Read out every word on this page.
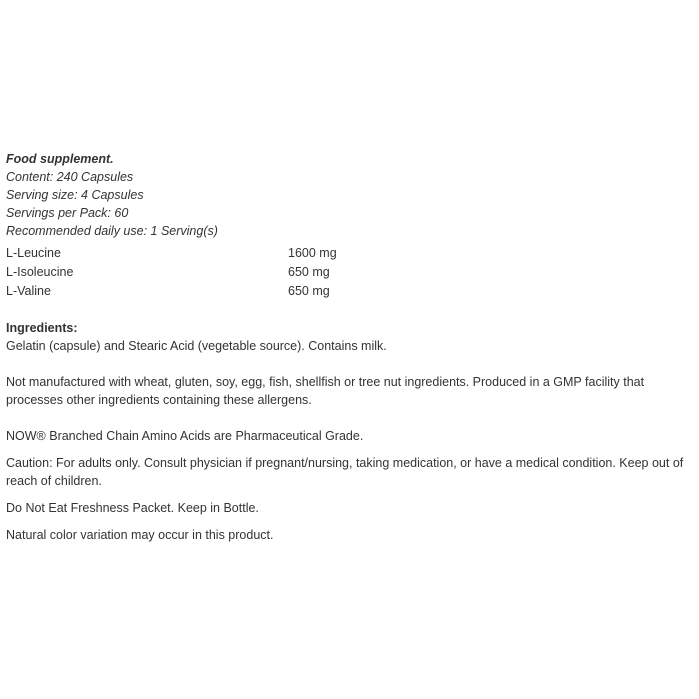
Food supplement.
Content: 240 Capsules
Serving size: 4 Capsules
Servings per Pack: 60
Recommended daily use: 1 Serving(s)
L-Leucine	1600 mg
L-Isoleucine	650 mg
L-Valine	650 mg
Ingredients:
Gelatin (capsule) and Stearic Acid (vegetable source). Contains milk.
Not manufactured with wheat, gluten, soy, egg, fish, shellfish or tree nut ingredients. Produced in a GMP facility that processes other ingredients containing these allergens.
NOW® Branched Chain Amino Acids are Pharmaceutical Grade.
Caution: For adults only. Consult physician if pregnant/nursing, taking medication, or have a medical condition. Keep out of reach of children.
Do Not Eat Freshness Packet. Keep in Bottle.
Natural color variation may occur in this product.
